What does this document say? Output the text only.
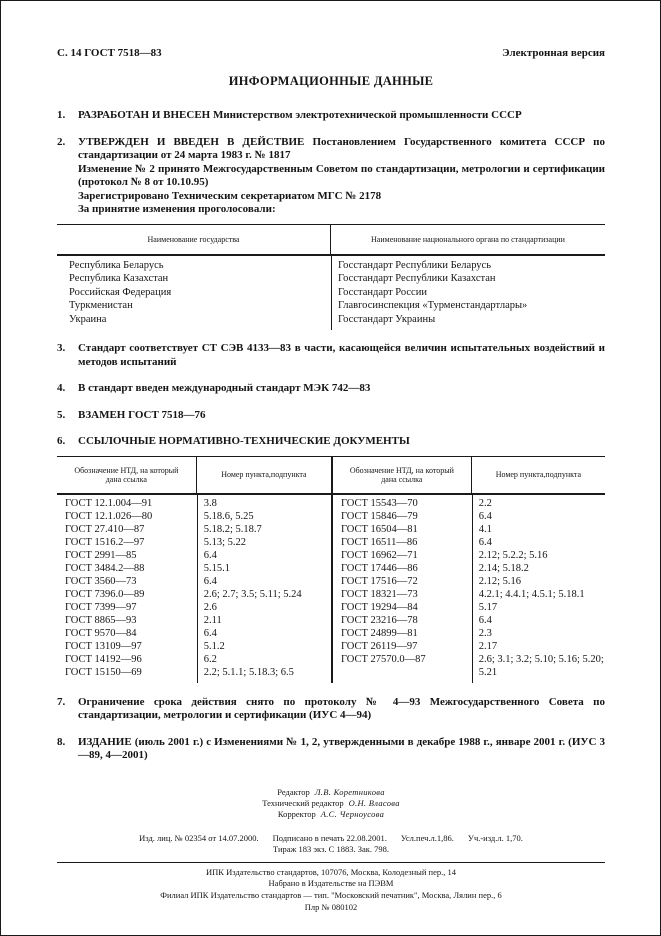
С. 14 ГОСТ 7518—83	Электронная версия
ИНФОРМАЦИОННЫЕ ДАННЫЕ
1.	РАЗРАБОТАН И ВНЕСЕН Министерством электротехнической промышленности СССР

2.	УТВЕРЖДЕН И ВВЕДЕН В ДЕЙСТВИЕ Постановлением Государственного комитета СССР по стандартизации от 24 марта 1983 г. № 1817

Изменение № 2 принято Межгосударственным Советом по стандартизации, метрологии и сертификации (протокол № 8 от 10.10.95)

Зарегистрировано Техническим секретариатом МГС № 2178

За принятие изменения проголосовали:

Наименование государства	Наименование национального органа по стандартизации
Республика Беларусь	Госстандарт Республики Беларусь
Республика Казахстан	Госстандарт Республики Казахстан
Российская Федерация	Госстандарт России
Туркменистан	Главгосинспекция «Турменстандартлары»
Украина	Госстандарт Украины
3.	Стандарт соответствует СТ СЭВ 4133—83 в части, касающейся величин испытательных воздействий и методов испытаний

4.	В стандарт введен международный стандарт МЭК 742—83

5.	ВЗАМЕН ГОСТ 7518—76

6.	ССЫЛОЧНЫЕ НОРМАТИВНО-ТЕХНИЧЕСКИЕ ДОКУМЕНТЫ

Обозначение НТД, на который дана ссылка	Номер пункта,подпункта
ГОСТ 12.1.004—91	3.8
ГОСТ 12.1.026—80	5.18.6, 5.25
ГОСТ 27.410—87	5.18.2; 5.18.7
ГОСТ 1516.2—97	5.13; 5.22
ГОСТ 2991—85	6.4
ГОСТ 3484.2—88	5.15.1
ГОСТ 3560—73	6.4
ГОСТ 7396.0—89	2.6; 2.7; 3.5; 5.11; 5.24
ГОСТ 7399—97	2.6
ГОСТ 8865—93	2.11
ГОСТ 9570—84	6.4
ГОСТ 13109—97	5.1.2
ГОСТ 14192—96	6.2
ГОСТ 15150—69	2.2; 5.1.1; 5.18.3; 6.5
Обозначение НТД, на который дана ссылка	Номер пункта,подпункта
ГОСТ 15543—70	2.2
ГОСТ 15846—79	6.4
ГОСТ 16504—81	4.1
ГОСТ 16511—86	6.4
ГОСТ 16962—71	2.12; 5.2.2; 5.16
ГОСТ 17446—86	2.14; 5.18.2
ГОСТ 17516—72	2.12; 5.16
ГОСТ 18321—73	4.2.1; 4.4.1; 4.5.1; 5.18.1
ГОСТ 19294—84	5.17
ГОСТ 23216—78	6.4
ГОСТ 24899—81	2.3
ГОСТ 26119—97	2.17
ГОСТ 27570.0—87	2.6; 3.1; 3.2; 5.10; 5.16; 5.20; 5.21
7.	Ограничение срока действия снято по протоколу № 4—93 Межгосударственного Совета по стандартизации, метрологии и сертификации (ИУС 4—94)

8.	ИЗДАНИЕ (июль 2001 г.) с Изменениями № 1, 2, утвержденными в декабре 1988 г., январе 2001 г. (ИУС 3—89, 4—2001)

Редактор Л.В. Коретникова
Технический редактор О.Н. Власова
Корректор А.С. Черноусова
Изд. лиц. № 02354 от 14.07.2000. Подписано в печать 22.08.2001. Усл.печ.л.1,86. Уч.-изд.л. 1,70.
Тираж 183 экз. С 1883. Зак. 798.
ИПК Издательство стандартов, 107076, Москва, Колодезный пер., 14
Набрано в Издательстве на ПЭВМ
Филиал ИПК Издательство стандартов — тип. "Московский печатник", Москва, Лялин пер., 6
Плр № 080102
